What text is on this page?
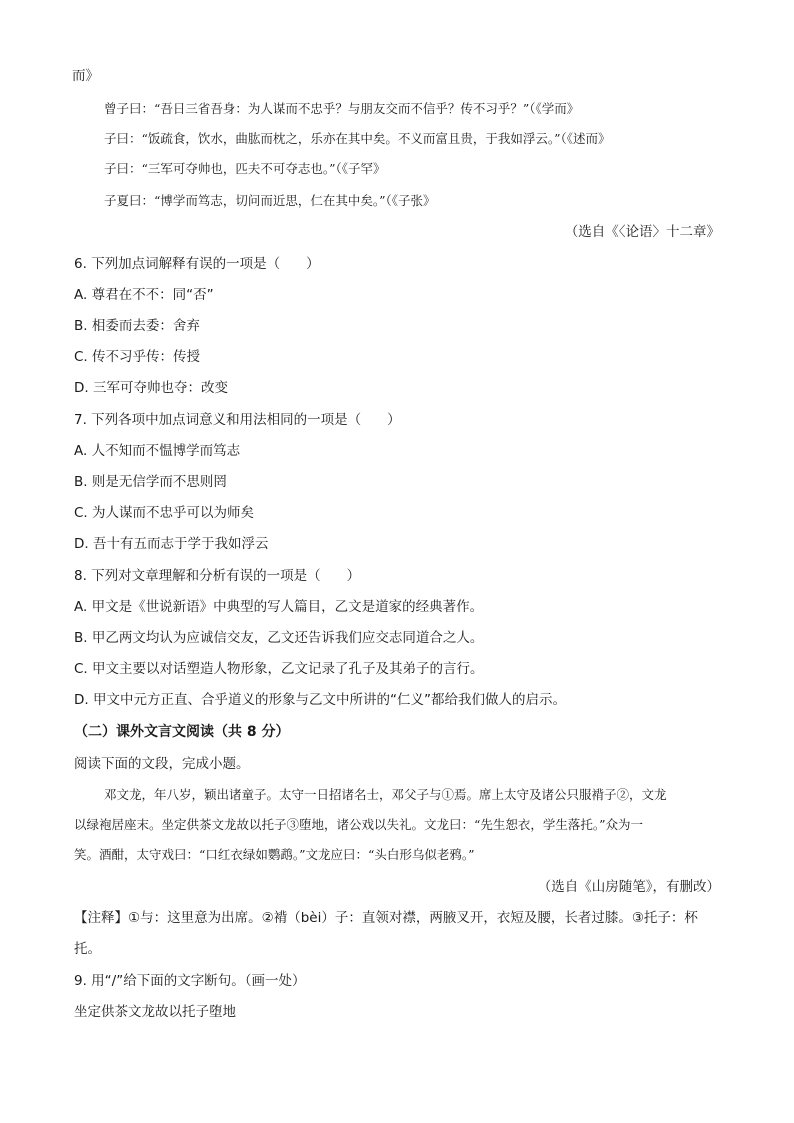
而》
曾子曰：“吾日三省吾身：为人谋而不忠乎？与朋友交而不信乎？传不习乎？”（《学而》
子曰：“饭疏食，饮水，曲肱而枕之，乐亦在其中矣。不义而富且贵，于我如浮云。”（《述而》
子曰：“三军可夺帅也，匹夫不可夺志也。”（《子罕》
子夏曰：“博学而笃志，切问而近思，仁在其中矣。”（《子张》
（选自《〈论语〉十二章》
6. 下列加点词解释有误的一项是（ ）
A. 尊君在不不：同“否”
B. 相委而去委：舍弃
C. 传不习乎传：传授
D. 三军可夺帅也夺：改变
7. 下列各项中加点词意义和用法相同的一项是（ ）
A. 人不知而不愠博学而笃志
B. 则是无信学而不思则罔
C. 为人谋而不忠乎可以为师矣
D. 吾十有五而志于学于我如浮云
8. 下列对文章理解和分析有误的一项是（ ）
A. 甲文是《世说新语》中典型的写人篇目，乙文是道家的经典著作。
B. 甲乙两文均认为应诚信交友，乙文还告诉我们应交志同道合之人。
C. 甲文主要以对话塑造人物形象，乙文记录了孔子及其弟子的言行。
D. 甲文中元方正直、合乎道义的形象与乙文中所讲的“仁义”都给我们做人的启示。
（二）课外文言文阅读（共 8 分）
阅读下面的文段，完成小题。
邓文龙，年八岁，颖出诸童子。太守一日招诸名士，邓父子与①焉。席上太守及诸公只服褙子②，文龙
以绿袍居座末。坐定供茶文龙故以托子③堕地，诸公戏以失礼。文龙曰：“先生恕衣，学生落托。”众为一
笑。酒酣，太守戏曰：“口红衣绿如鹦鹉。”文龙应曰：“头白形乌似老鸦。”
（选自《山房随笔》，有删改）
【注释】①与：这里意为出席。②褙（bèi）子：直领对襟，两腋叉开，衣短及腰，长者过膝。③托子：杯
托。
9. 用“/”给下面的文字断句。（画一处）
坐定供茶文龙故以托子堕地
